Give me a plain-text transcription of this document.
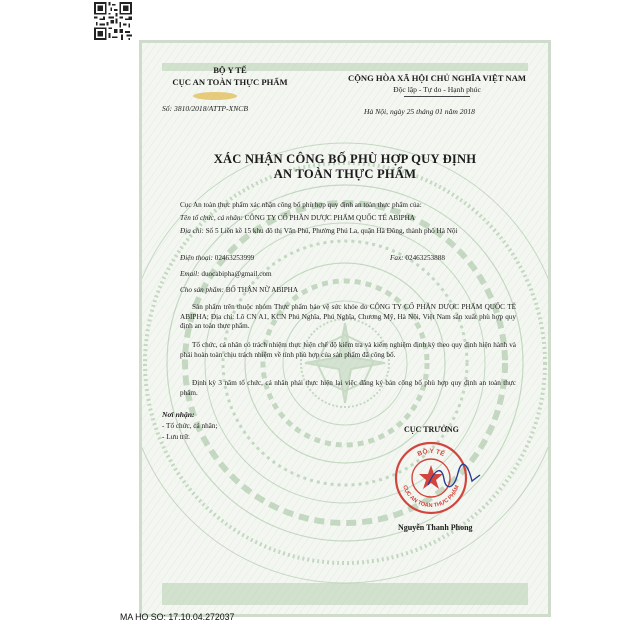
BỘ Y TẾ
CỤC AN TOÀN THỰC PHẨM
Số: 3810/2018/ATTP-XNCB
CỘNG HÒA XÃ HỘI CHỦ NGHĨA VIỆT NAM
Độc lập - Tự do - Hạnh phúc
Hà Nội, ngày 25 tháng 01 năm 2018
XÁC NHẬN CÔNG BỐ PHÙ HỢP QUY ĐỊNH
AN TOÀN THỰC PHẨM
Cục An toàn thực phẩm xác nhận công bố phù hợp quy định an toàn thực phẩm của:
Tên tổ chức, cá nhân: CÔNG TY CỔ PHẦN DƯỢC PHẨM QUỐC TẾ ABIPHA
Địa chỉ: Số 5 Liền kề 15 khu đô thị Văn Phú, Phường Phú La, quận Hà Đông, thành phố Hà Nội
Điện thoại: 02463253999	Fax: 02463253888
Email: duocabipha@gmail.com
Cho sản phẩm: BỔ THẬN NỮ ABIPHA
Sản phẩm trên thuộc nhóm Thực phẩm bảo vệ sức khỏe do CÔNG TY CỔ PHẦN DƯỢC PHẨM QUỐC TẾ ABIPHA; Địa chỉ: Lô CN A1, KCN Phú Nghĩa, Phú Nghĩa, Chương Mỹ, Hà Nội, Việt Nam sản xuất phù hợp quy định an toàn thực phẩm.
Tổ chức, cá nhân có trách nhiệm thực hiện chế độ kiểm tra và kiểm nghiệm định kỳ theo quy định hiện hành và phải hoàn toàn chịu trách nhiệm về tính phù hợp của sản phẩm đã công bố.
Định kỳ 3 năm tổ chức, cá nhân phải thực hiện lại việc đăng ký bản công bố phù hợp quy định an toàn thực phẩm.
Nơi nhận:
- Tổ chức, cá nhân;
- Lưu trữ.
CỤC TRƯỞNG
BỘ Y TẾ
CỤC AN TOÀN THỰC PHẨM
Nguyễn Thanh Phong
MA HO SO: 17.10.04.272037
